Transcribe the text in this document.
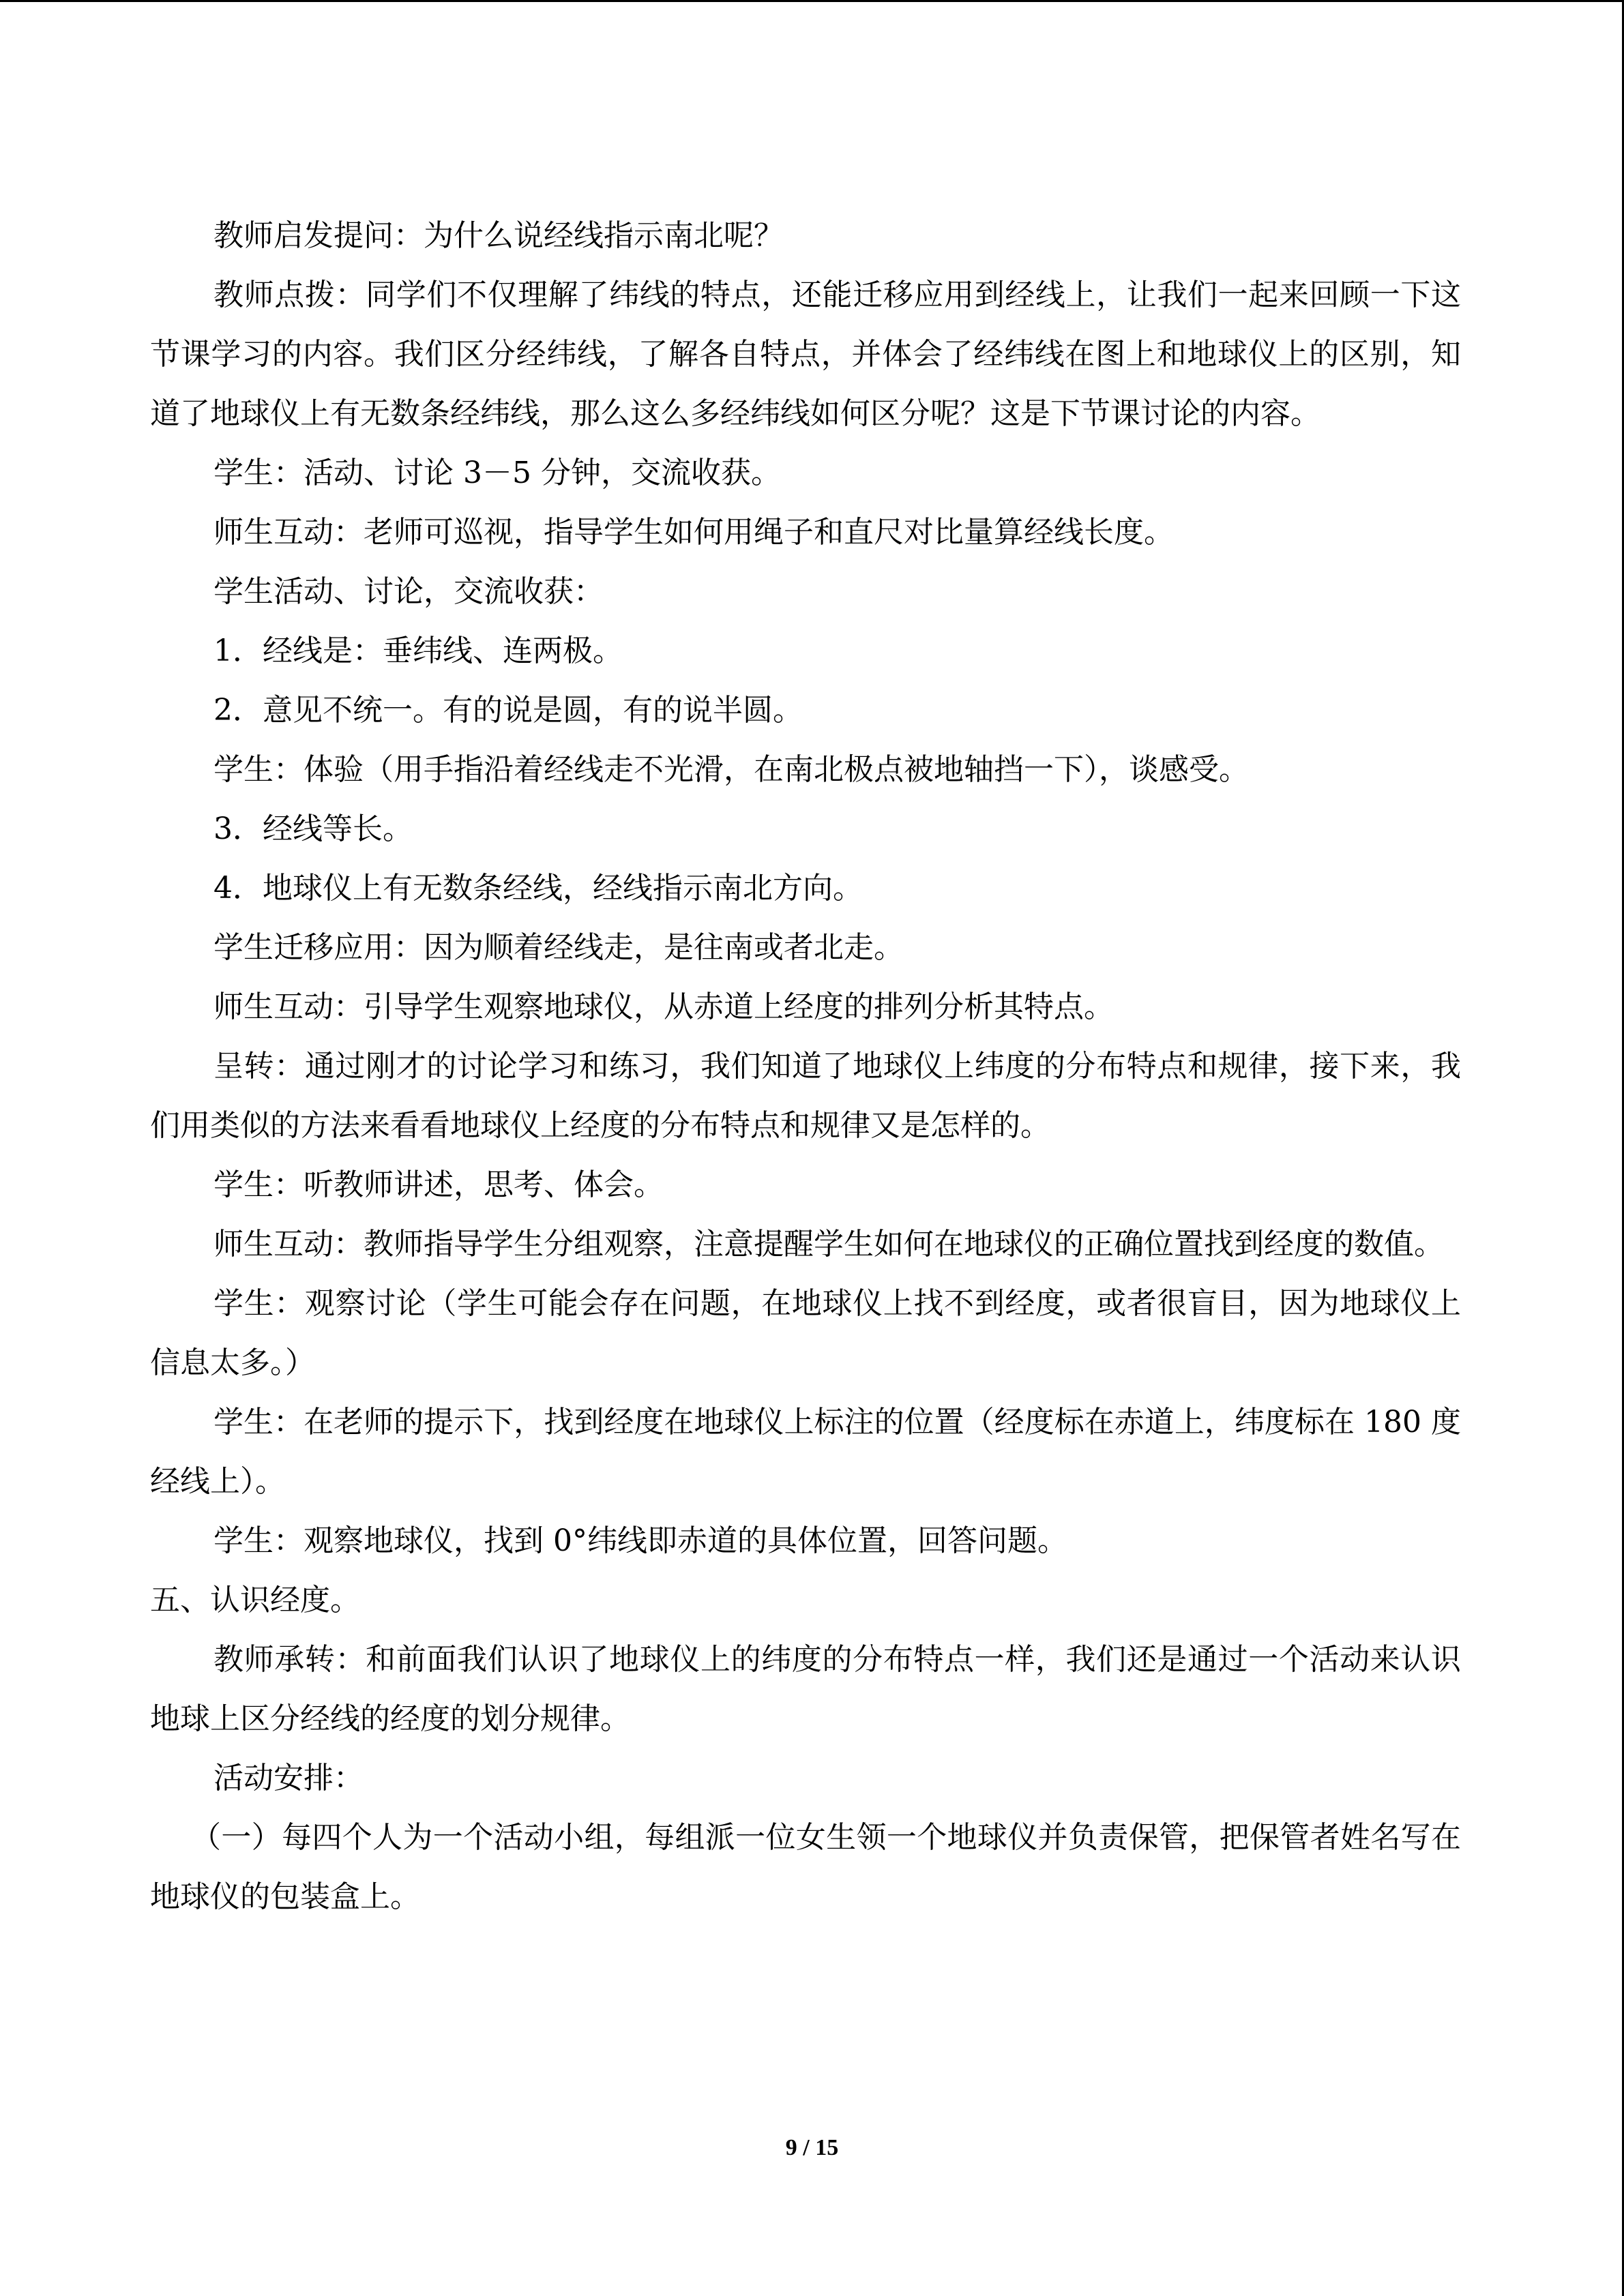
教师启发提问：为什么说经线指示南北呢？

教师点拨：同学们不仅理解了纬线的特点，还能迁移应用到经线上，让我们一起来回顾一下这节课学习的内容。我们区分经纬线，了解各自特点，并体会了经纬线在图上和地球仪上的区别，知道了地球仪上有无数条经纬线，那么这么多经纬线如何区分呢？这是下节课讨论的内容。

学生：活动、讨论 3－5 分钟，交流收获。

师生互动：老师可巡视，指导学生如何用绳子和直尺对比量算经线长度。

学生活动、讨论，交流收获：

1．经线是：垂纬线、连两极。

2．意见不统一。有的说是圆，有的说半圆。

学生：体验（用手指沿着经线走不光滑，在南北极点被地轴挡一下），谈感受。

3．经线等长。

4．地球仪上有无数条经线，经线指示南北方向。

学生迁移应用：因为顺着经线走，是往南或者北走。

师生互动：引导学生观察地球仪，从赤道上经度的排列分析其特点。

呈转：通过刚才的讨论学习和练习，我们知道了地球仪上纬度的分布特点和规律，接下来，我们用类似的方法来看看地球仪上经度的分布特点和规律又是怎样的。

学生：听教师讲述，思考、体会。

师生互动：教师指导学生分组观察，注意提醒学生如何在地球仪的正确位置找到经度的数值。

学生：观察讨论（学生可能会存在问题，在地球仪上找不到经度，或者很盲目，因为地球仪上信息太多。）

学生：在老师的提示下，找到经度在地球仪上标注的位置（经度标在赤道上，纬度标在 180 度经线上）。

学生：观察地球仪，找到 0°纬线即赤道的具体位置，回答问题。

五、认识经度。

教师承转：和前面我们认识了地球仪上的纬度的分布特点一样，我们还是通过一个活动来认识地球上区分经线的经度的划分规律。

活动安排：

（一）每四个人为一个活动小组，每组派一位女生领一个地球仪并负责保管，把保管者姓名写在地球仪的包装盒上。

9 / 15
